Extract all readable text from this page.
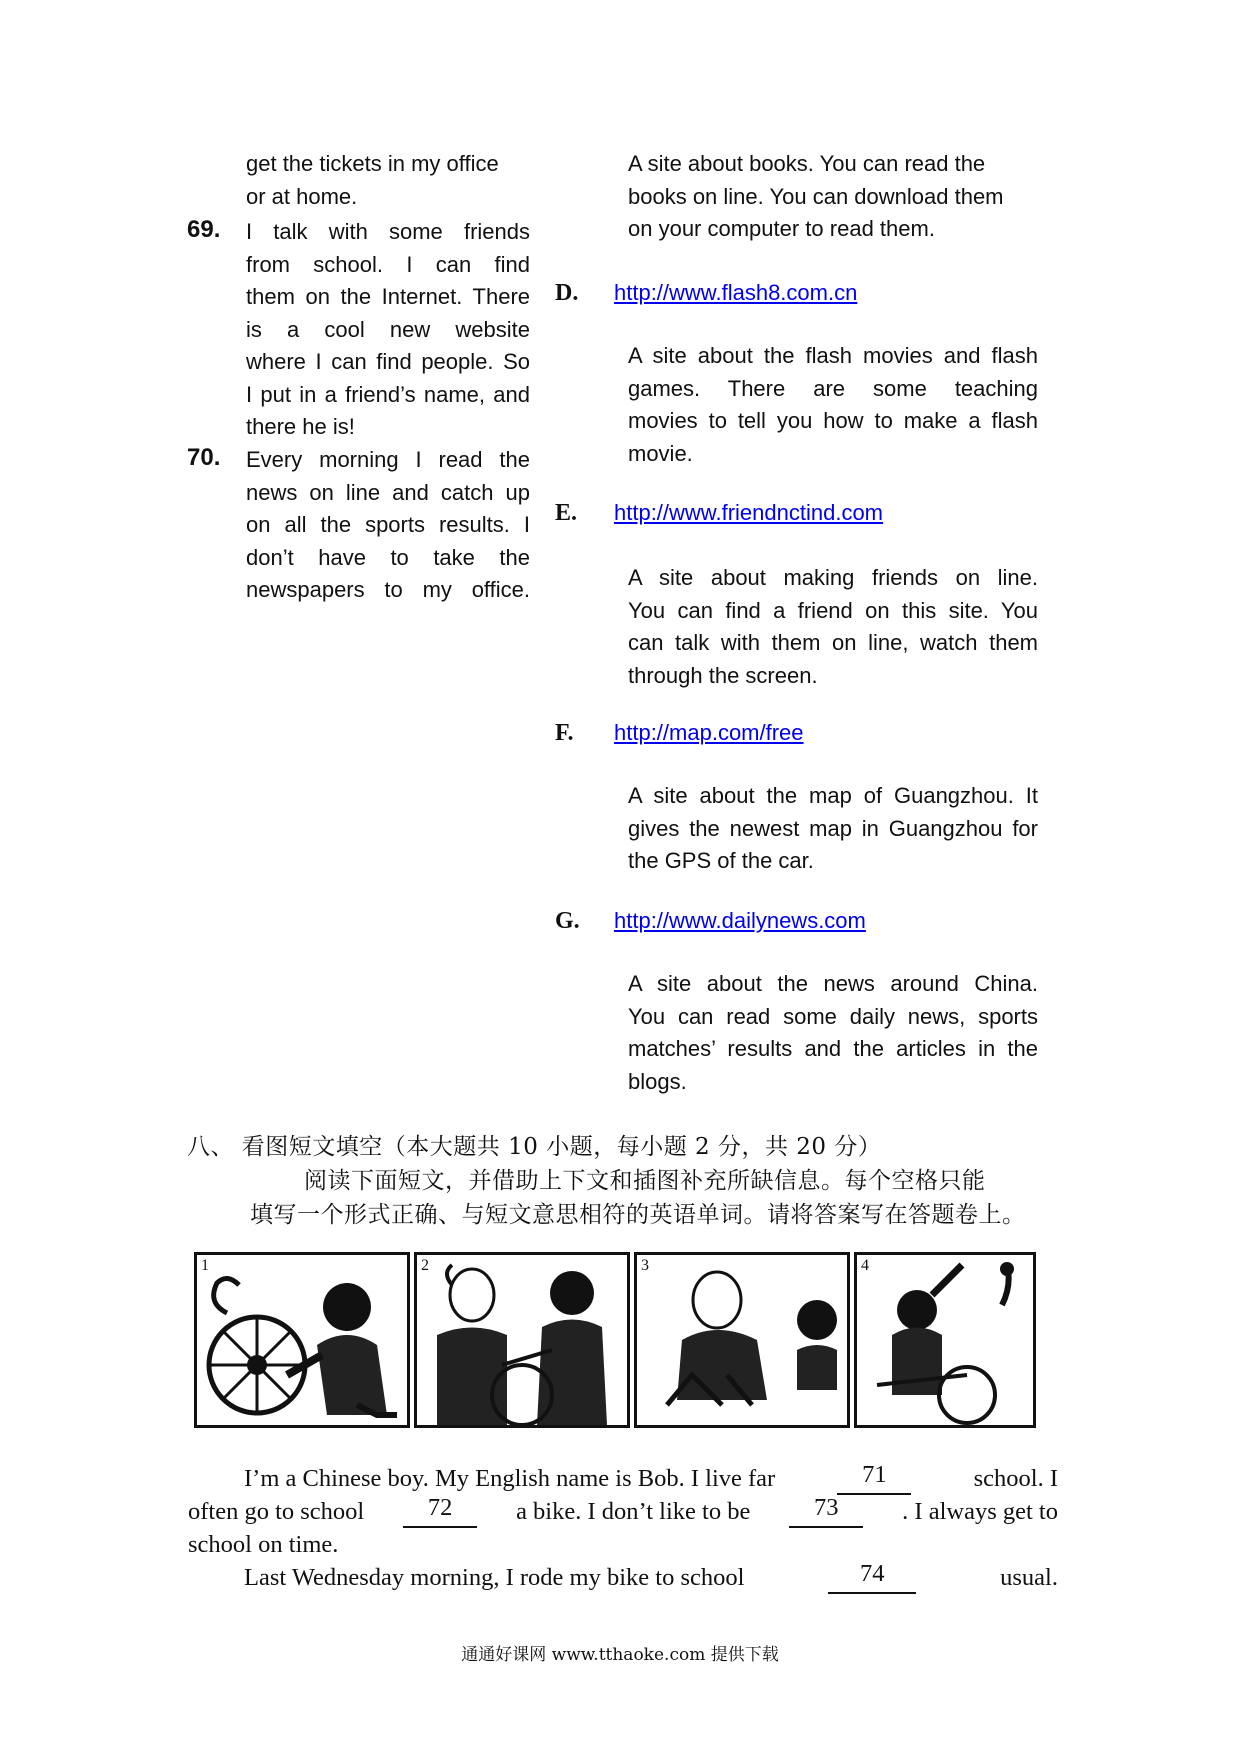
get the tickets in my office

or at home.

69. I talk with some friends

from school. I can find

them on the Internet. There

is a cool new website

where I can find people. So

I put in a friend’s name, and

there he is!

70. Every morning I read the

news on line and catch up

on all the sports results. I

don’t have to take the

newspapers to my office.

A site about books. You can read the

books on line. You can download them

on your computer to read them.

D. http://www.flash8.com.cn

A site about the flash movies and flash

games. There are some teaching

movies to tell you how to make a flash

movie.

E. http://www.friendnctind.com

A site about making friends on line.

You can find a friend on this site. You

can talk with them on line, watch them

through the screen.

F. http://map.com/free

A site about the map of Guangzhou. It

gives the newest map in Guangzhou for

the GPS of the car.

G. http://www.dailynews.com

A site about the news around China.

You can read some daily news, sports

matches’ results and the articles in the

blogs.

八、 看图短文填空（本大题共 10 小题，每小题 2 分，共 20 分）
阅读下面短文，并借助上下文和插图补充所缺信息。每个空格只能
填写一个形式正确、与短文意思相符的英语单词。请将答案写在答题卷上。
1	2	3	4

I’m a Chinese boy. My English name is Bob. I live far	71	school. I

often go to school	72	a bike. I don’t like to be	73	. I always get to

school on time.

Last Wednesday morning, I rode my bike to school	74	usual.

通通好课网 www.tthaoke.com 提供下载
